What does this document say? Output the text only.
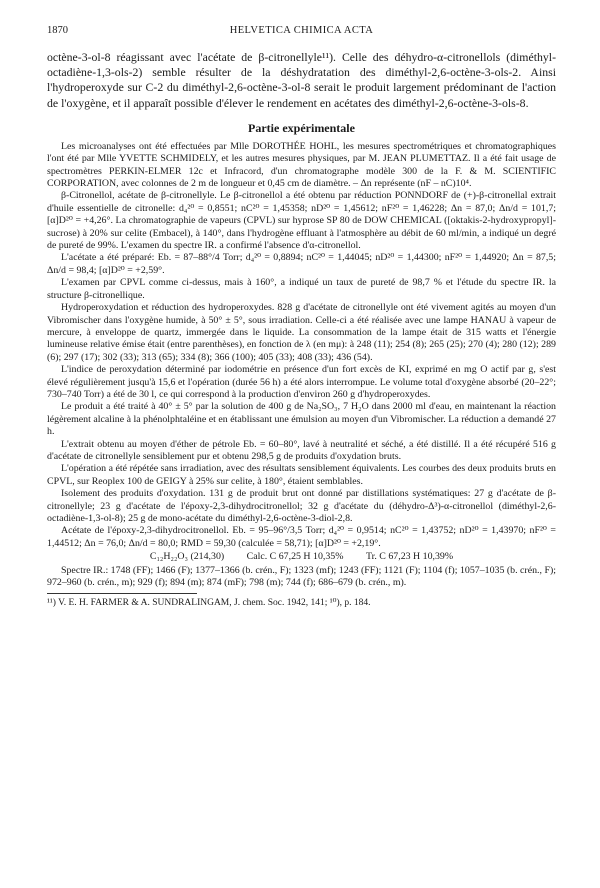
1870	HELVETICA CHIMICA ACTA

octène-3-ol-8 réagissant avec l'acétate de β-citronellyle¹¹). Celle des déhydro-α-citronellols (diméthyl-octadiène-1,3-ols-2) semble résulter de la déshydratation des diméthyl-2,6-octène-3-ols-2. Ainsi l'hydroperoxyde sur C-2 du diméthyl-2,6-octène-3-ol-8 serait le produit largement prédominant de l'action de l'oxygène, et il apparaît possible d'élever le rendement en acétates des diméthyl-2,6-octène-3-ols-8.

Partie expérimentale

Les microanalyses ont été effectuées par Mlle DOROTHÉE HOHL, les mesures spectrométriques et chromatographiques l'ont été par Mlle YVETTE SCHMIDELY, et les autres mesures physiques, par M. JEAN PLUMETTAZ. Il a été fait usage de spectromètres PERKIN-ELMER 12c et Infracord, d'un chromatographe modèle 300 de la F. & M. SCIENTIFIC CORPORATION, avec colonnes de 2 m de longueur et 0,45 cm de diamètre. – Δn représente (nF – nC)10⁴.

β-Citronellol, acétate de β-citronellyle. Le β-citronellol a été obtenu par réduction PONNDORF de (+)-β-citronellal extrait d'huile essentielle de citronelle: d₄²⁰ = 0,8551; nC²⁰ = 1,45358; nD²⁰ = 1,45612; nF²⁰ = 1,46228; Δn = 87,0; Δn/d = 101,7; [α]D²⁰ = +4,26°. La chromatographie de vapeurs (CPVL) sur hyprose SP 80 de DOW CHEMICAL ([oktakis-2-hydroxypropyl]-sucrose) à 20% sur celite (Embacel), à 140°, dans l'hydrogène effluant à l'atmosphère au débit de 60 ml/min, a indiqué un degré de pureté de 99%. L'examen du spectre IR. a confirmé l'absence d'α-citronellol.

L'acétate a été préparé: Eb. = 87–88°/4 Torr; d₄²⁰ = 0,8894; nC²⁰ = 1,44045; nD²⁰ = 1,44300; nF²⁰ = 1,44920; Δn = 87,5; Δn/d = 98,4; [α]D²⁰ = +2,59°.

L'examen par CPVL comme ci-dessus, mais à 160°, a indiqué un taux de pureté de 98,7 % et l'étude du spectre IR. la structure β-citronellique.

Hydroperoxydation et réduction des hydroperoxydes. 828 g d'acétate de citronellyle ont été vivement agités au moyen d'un Vibromischer dans l'oxygène humide, à 50° ± 5°, sous irradiation. Celle-ci a été réalisée avec une lampe HANAU à vapeur de mercure, à enveloppe de quartz, immergée dans le liquide. La consommation de la lampe était de 315 watts et l'énergie lumineuse relative émise était (entre parenthèses), en fonction de λ (en mμ): à 248 (11); 254 (8); 265 (25); 270 (4); 280 (12); 289 (6); 297 (17); 302 (33); 313 (65); 334 (8); 366 (100); 405 (33); 408 (33); 436 (54).

L'indice de peroxydation déterminé par iodométrie en présence d'un fort excès de KI, exprimé en mg O actif par g, s'est élevé régulièrement jusqu'à 15,6 et l'opération (durée 56 h) a été alors interrompue. Le volume total d'oxygène absorbé (20–22°; 730–740 Torr) a été de 30 l, ce qui correspond à la production d'environ 260 g d'hydroperoxydes.

Le produit a été traité à 40° ± 5° par la solution de 400 g de Na₂SO₃, 7 H₂O dans 2000 ml d'eau, en maintenant la réaction légèrement alcaline à la phénolphtaléine et en établissant une émulsion au moyen d'un Vibromischer. La réduction a demandé 27 h.

L'extrait obtenu au moyen d'éther de pétrole Eb. = 60–80°, lavé à neutralité et séché, a été distillé. Il a été récupéré 516 g d'acétate de citronellyle sensiblement pur et obtenu 298,5 g de produits d'oxydation bruts.

L'opération a été répétée sans irradiation, avec des résultats sensiblement équivalents. Les courbes des deux produits bruts en CPVL, sur Reoplex 100 de GEIGY à 25% sur celite, à 180°, étaient semblables.

Isolement des produits d'oxydation. 131 g de produit brut ont donné par distillations systématiques: 27 g d'acétate de β-citronellyle; 23 g d'acétate de l'époxy-2,3-dihydrocitronellol; 32 g d'acétate du (déhydro-Δ³)-α-citronellol (diméthyl-2,6-octadiène-1,3-ol-8); 25 g de mono-acétate du diméthyl-2,6-octène-3-diol-2,8.

Acétate de l'époxy-2,3-dihydrocitronellol. Eb. = 95–96°/3,5 Torr; d₄²⁰ = 0,9514; nC²⁰ = 1,43752; nD²⁰ = 1,43970; nF²⁰ = 1,44512; Δn = 76,0; Δn/d = 80,0; RMD = 59,30 (calculée = 58,71); [α]D²⁰ = +2,19°.

C₁₂H₂₂O₃ (214,30) Calc. C 67,25 H 10,35% Tr. C 67,23 H 10,39%

Spectre IR.: 1748 (FF); 1466 (F); 1377–1366 (b. crén., F); 1323 (mf); 1243 (FF); 1121 (F); 1104 (f); 1057–1035 (b. crén., F); 972–960 (b. crén., m); 929 (f); 894 (m); 874 (mF); 798 (m); 744 (f); 686–679 (b. crén., m).

¹¹) V. E. H. FARMER & A. SUNDRALINGAM, J. chem. Soc. 1942, 141; ¹⁰), p. 184.
